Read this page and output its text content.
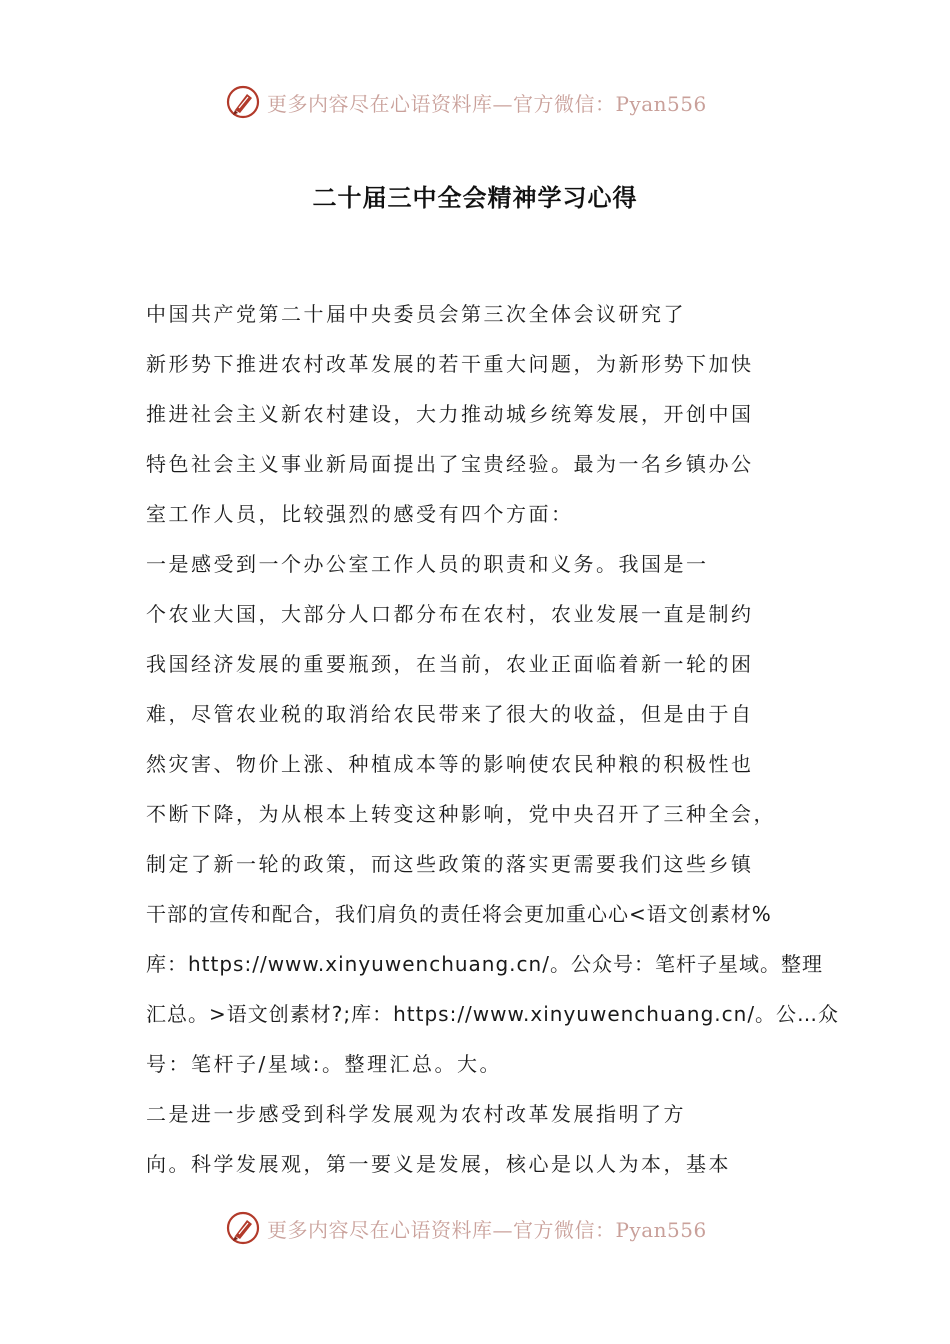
更多内容尽在心语资料库—官方微信：Pyan556
二十届三中全会精神学习心得
中国共产党第二十届中央委员会第三次全体会议研究了
新形势下推进农村改革发展的若干重大问题，为新形势下加快
推进社会主义新农村建设，大力推动城乡统筹发展，开创中国
特色社会主义事业新局面提出了宝贵经验。最为一名乡镇办公
室工作人员，比较强烈的感受有四个方面：
一是感受到一个办公室工作人员的职责和义务。我国是一
个农业大国，大部分人口都分布在农村，农业发展一直是制约
我国经济发展的重要瓶颈，在当前，农业正面临着新一轮的困
难，尽管农业税的取消给农民带来了很大的收益，但是由于自
然灾害、物价上涨、种植成本等的影响使农民种粮的积极性也
不断下降，为从根本上转变这种影响，党中央召开了三种全会，
制定了新一轮的政策，而这些政策的落实更需要我们这些乡镇
干部的宣传和配合，我们肩负的责任将会更加重心心<语文创素材%
库：https://www.xinyuwenchuang.cn/。公众号：笔杆子星域。整理
汇总。>语文创素材?;库：https://www.xinyuwenchuang.cn/。公…众
号：笔杆子/星域:。整理汇总。大。
二是进一步感受到科学发展观为农村改革发展指明了方
向。科学发展观，第一要义是发展，核心是以人为本，基本
更多内容尽在心语资料库—官方微信：Pyan556
